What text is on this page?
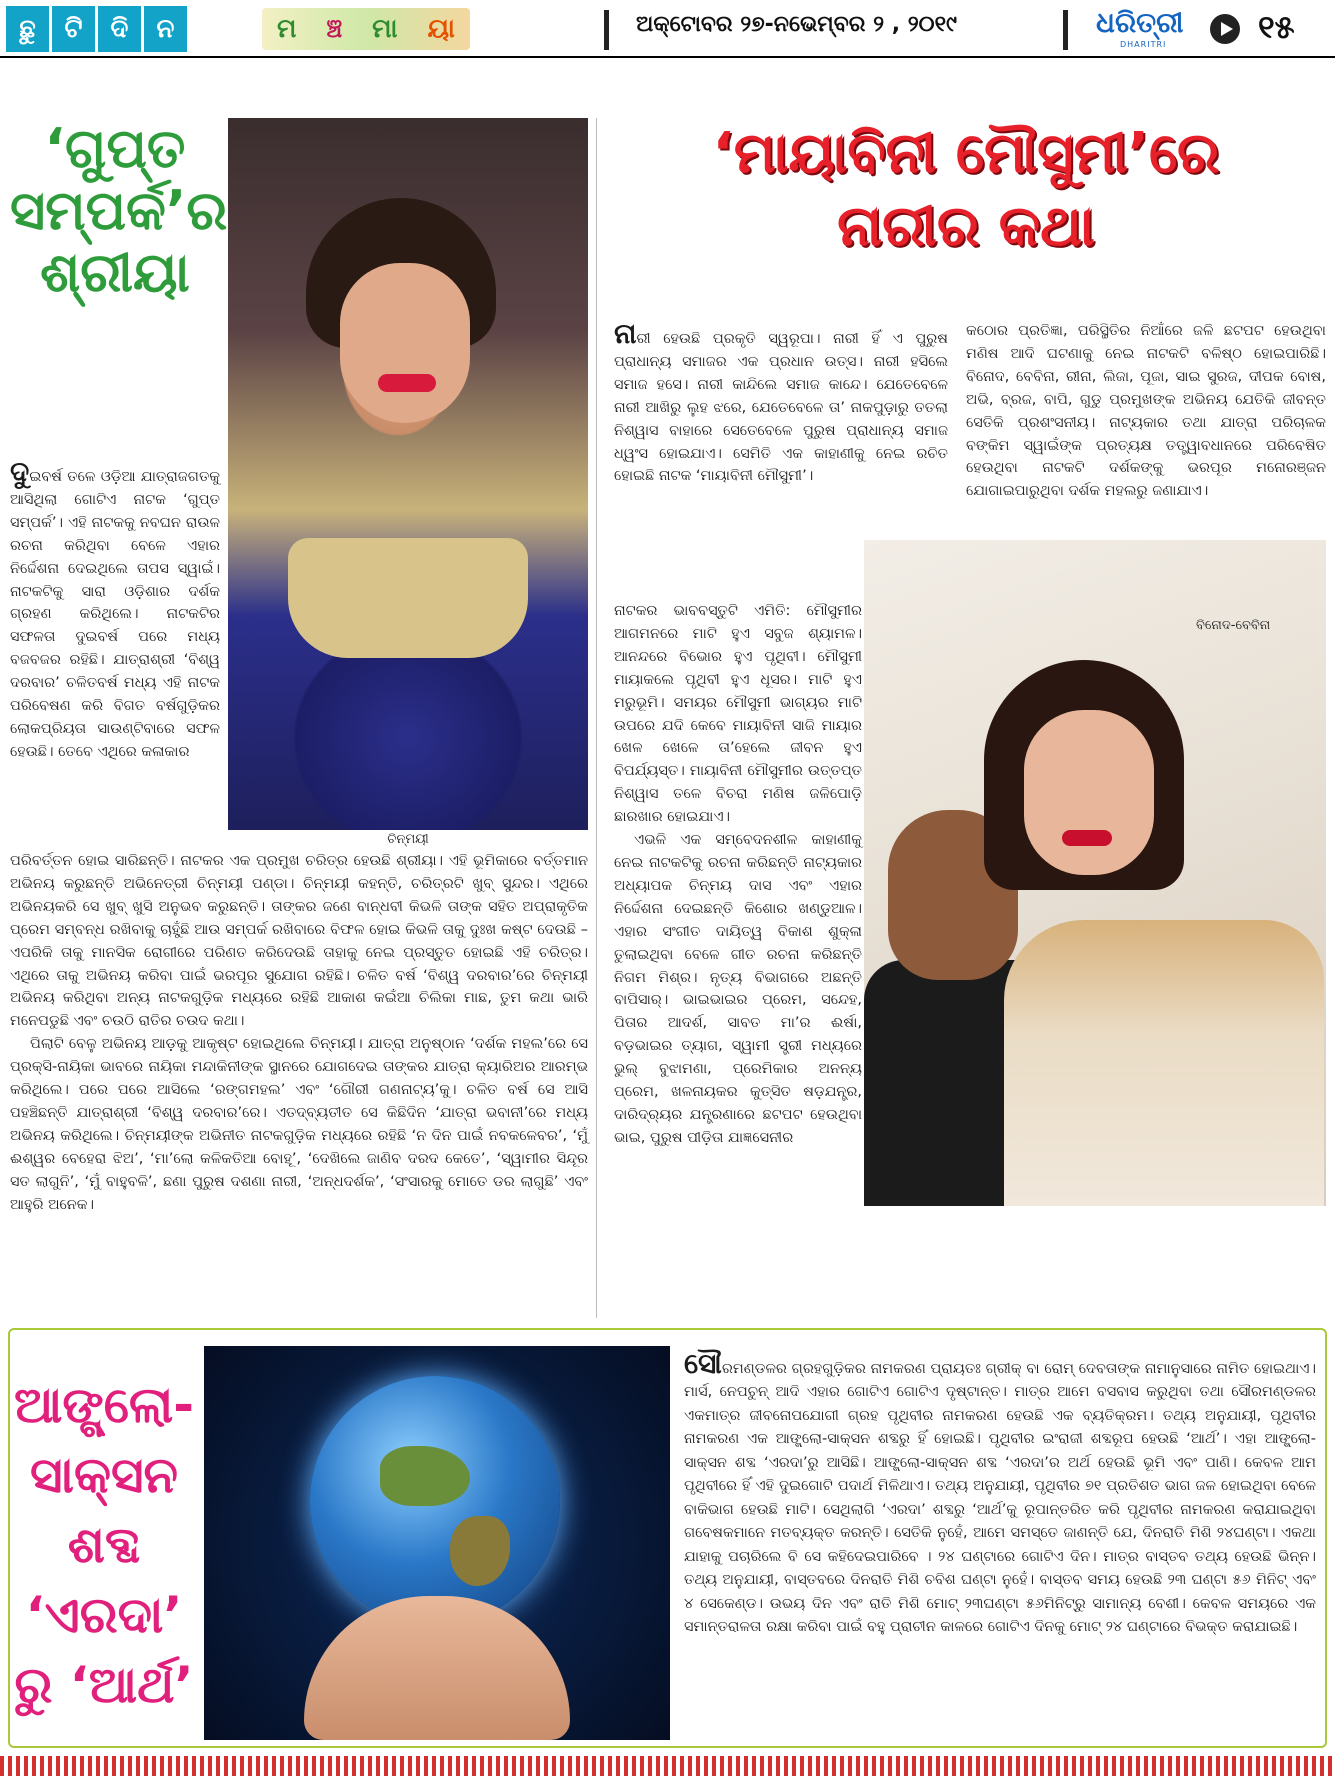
ଛୁ	ଟି	ଦି	ନ	ମ ଞ୍ଚ ମା ୟା	ଅକ୍ଟୋବର ୨୭-ନଭେମ୍ବର ୨ , ୨୦୧୯	ଧରିତ୍ରୀ
DHARITRI	୧୫
‘ଗୁପ୍ତ
ସମ୍ପର୍କ’ର
ଶ୍ରୀୟା
ଚିନ୍ମୟୀ
ଦୁଇବର୍ଷ ତଳେ ଓଡ଼ିଆ ଯାତ୍ରାଜଗତକୁ ଆସିଥିଲା ଗୋଟିଏ ନାଟକ ‘ଗୁପ୍ତ ସମ୍ପର୍କ’। ଏହି ନାଟକକୁ ନବଘନ ରାଉଳ ରଚନା କରିଥିବା ବେଳେ ଏହାର ନିର୍ଦ୍ଦେଶନା ଦେଇଥିଲେ ତାପସ ସ୍ୱାଇଁ। ନାଟକଟିକୁ ସାରା ଓଡ଼ିଶାର ଦର୍ଶକ ଗ୍ରହଣ କରିଥିଲେ। ନାଟକଟିର ସଫଳତା ଦୁଇବର୍ଷ ପରେ ମଧ୍ୟ ବଜବଜର ରହିଛି। ଯାତ୍ରାଶ୍ରୀ ‘ବିଶ୍ୱ ଦରବାର’ ଚଳିତବର୍ଷ ମଧ୍ୟ ଏହି ନାଟକ ପରିବେଷଣ କରି ବିଗତ ବର୍ଷଗୁଡ଼ିକର ଲୋକପ୍ରିୟତା ସାଉଣ୍ଟିବାରେ ସଫଳ ହେଉଛି। ତେବେ ଏଥିରେ କଳାକାର

ପରିବର୍ତ୍ତନ ହୋଇ ସାରିଛନ୍ତି। ନାଟକର ଏକ ପ୍ରମୁଖ ଚରିତ୍ର ହେଉଛି ଶ୍ରୀୟା। ଏହି ଭୂମିକାରେ ବର୍ତ୍ତମାନ ଅଭିନୟ କରୁଛନ୍ତି ଅଭିନେତ୍ରୀ ଚିନ୍ମୟୀ ପଣ୍ଡା। ଚିନ୍ମୟୀ କହନ୍ତି, ଚରିତ୍ରଟି ଖୁବ୍ ସୁନ୍ଦର। ଏଥିରେ ଅଭିନୟକରି ସେ ଖୁବ୍ ଖୁସି ଅନୁଭବ କରୁଛନ୍ତି। ତାଙ୍କର ଜଣେ ବାନ୍ଧବୀ କିଭଳି ତାଙ୍କ ସହିତ ଅପ୍ରାକୃତିକ ପ୍ରେମ ସମ୍ବନ୍ଧ ରଖିବାକୁ ଚାହୁଁଛି ଆଉ ସମ୍ପର୍କ ରଖିବାରେ ବିଫଳ ହୋଇ କିଭଳି ତାକୁ ଦୁଃଖ କଷ୍ଟ ଦେଉଛି – ଏପରିକି ତାକୁ ମାନସିକ ରୋଗୀରେ ପରିଣତ କରିଦେଉଛି ତାହାକୁ ନେଇ ପ୍ରସ୍ତୁତ ହୋଇଛି ଏହି ଚରିତ୍ର। ଏଥିରେ ତାକୁ ଅଭିନୟ କରିବା ପାଇଁ ଭରପୂର ସୁଯୋଗ ରହିଛି। ଚଳିତ ବର୍ଷ ‘ବିଶ୍ୱ ଦରବାର’ରେ ଚିନ୍ମୟୀ ଅଭିନୟ କରିଥିବା ଅନ୍ୟ ନାଟକଗୁଡ଼ିକ ମଧ୍ୟରେ ରହିଛି ଆକାଶ କଇଁଆ ଚିଲିକା ମାଛ, ତୁମ କଥା ଭାରି ମନେପଡୁଛି ଏବଂ ଚଉଠି ରାତିର ଚଉଦ କଥା।

ପିଲାଟି ବେଳୁ ଅଭିନୟ ଆଡ଼କୁ ଆକୃଷ୍ଟ ହୋଇଥିଲେ ଚିନ୍ମୟୀ। ଯାତ୍ରା ଅନୁଷ୍ଠାନ ‘ଦର୍ଶକ ମହଲ’ରେ ସେ ପ୍ରକ୍ସି-ନାୟିକା ଭାବରେ ନାୟିକା ମନ୍ଦାକିନୀଙ୍କ ସ୍ଥାନରେ ଯୋଗଦେଇ ତାଙ୍କର ଯାତ୍ରା କ୍ୟାରିଅର ଆରମ୍ଭ କରିଥିଲେ। ପରେ ପରେ ଆସିଲେ ‘ରଙ୍ଗମହଲ’ ଏବଂ ‘ଗୌରୀ ଗଣନାଟ୍ୟ’କୁ। ଚଳିତ ବର୍ଷ ସେ ଆସି ପହଞ୍ଚିଛନ୍ତି ଯାତ୍ରାଶ୍ରୀ ‘ବିଶ୍ୱ ଦରବାର’ରେ। ଏତଦ୍‌ବ୍ୟତୀତ ସେ କିଛିଦିନ ‘ଯାତ୍ରା ଭବାନୀ’ରେ ମଧ୍ୟ ଅଭିନୟ କରିଥିଲେ। ଚିନ୍ମୟୀଙ୍କ ଅଭିନୀତ ନାଟକଗୁଡ଼ିକ ମଧ୍ୟରେ ରହିଛି ‘ନ ଦିନ ପାଇଁ ନବକଳେବର’, ‘ମୁଁ ଈଶ୍ୱର ବେହେରା ଝିଅ’, ‘ମା’ଲୋ କଳିକତିଆ ବୋହୂ’, ‘ଦେଖିଲେ ଜାଣିବ ଦରଦ କେତେ’, ‘ସ୍ୱାମୀର ସିନ୍ଦୂର ସତ ଲାଗୁନି’, ‘ମୁଁ ବାହୁବଳି’, ଛଣା ପୁରୁଷ ଦଶଣା ନାରୀ, ‘ଅନ୍ଧଦର୍ଶକ’, ‘ସଂସାରକୁ ମୋତେ ଡର ଲାଗୁଛି’ ଏବଂ ଆହୁରି ଅନେକ।

‘ମାୟାବିନୀ ମୌସୁମୀ’ରେ
ନାରୀର କଥା
ନାରୀ ହେଉଛି ପ୍ରକୃତି ସ୍ୱରୂପା। ନାରୀ ହିଁ ଏ ପୁରୁଷ ପ୍ରାଧାନ୍ୟ ସମାଜର ଏକ ପ୍ରଧାନ ଉତ୍ସ। ନାରୀ ହସିଲେ ସମାଜ ହସେ। ନାରୀ କାନ୍ଦିଲେ ସମାଜ କାନ୍ଦେ। ଯେତେବେଳେ ନାରୀ ଆଖିରୁ ଲୁହ ଝରେ, ଯେତେବେଳେ ତା’ ନାକପୁଡ଼ାରୁ ତତଲା ନିଶ୍ୱାସ ବାହାରେ ସେତେବେଳେ ପୁରୁଷ ପ୍ରାଧାନ୍ୟ ସମାଜ ଧ୍ୱଂସ ହୋଇଯାଏ। ସେମିତି ଏକ କାହାଣୀକୁ ନେଇ ରଚିତ ହୋଇଛି ନାଟକ ‘ମାୟାବିନୀ ମୌସୁମୀ’।

ନାଟକର ଭାବବସ୍ତୁଟି ଏମିତି: ମୌସୁମୀର ଆଗମନରେ ମାଟି ହୁଏ ସବୁଜ ଶ୍ୟାମଳ। ଆନନ୍ଦରେ ବିଭୋର ହୁଏ ପୃଥିବୀ। ମୌସୁମୀ ମାୟାକଲେ ପୃଥିବୀ ହୁଏ ଧୂସର। ମାଟି ହୁଏ ମରୁଭୂମି। ସମୟର ମୌସୁମୀ ଭାଗ୍ୟର ମାଟି ଉପରେ ଯଦି କେବେ ମାୟାବିନୀ ସାଜି ମାୟାର ଖେଳ ଖେଳେ ତା’ହେଲେ ଜୀବନ ହୁଏ ବିପର୍ଯ୍ୟସ୍ତ। ମାୟାବିନୀ ମୌସୁମୀର ଉତ୍ତପ୍ତ ନିଶ୍ୱାସ ତଳେ ବିଚରା ମଣିଷ ଜଳିପୋଡ଼ି ଛାରଖାର ହୋଇଯାଏ।

ଏଭଳି ଏକ ସମ୍ବେଦନଶୀଳ କାହାଣୀକୁ ନେଇ ନାଟକଟିକୁ ରଚନା କରିଛନ୍ତି ନାଟ୍ୟକାର ଅଧ୍ୟାପକ ଚିନ୍ମୟ ଦାସ ଏବଂ ଏହାର ନିର୍ଦ୍ଦେଶନା ଦେଇଛନ୍ତି କିଶୋର ଖଣ୍ଡୁଆଳ। ଏହାର ସଂଗୀତ ଦାୟିତ୍ୱ ବିକାଶ ଶୁକ୍ଳା ତୁଲାଇଥିବା ବେଳେ ଗୀତ ରଚନା କରିଛନ୍ତି ନିଗମ ମିଶ୍ର। ନୃତ୍ୟ ବିଭାଗରେ ଅଛନ୍ତି ବାପିସାର୍। ଭାଇଭାଇର ପ୍ରେମ, ସନ୍ଦେହ, ପିତାର ଆଦର୍ଶ, ସାବତ ମା’ର ଈର୍ଷା, ବଡ଼ଭାଇର ତ୍ୟାଗ, ସ୍ୱାମୀ ସ୍ତ୍ରୀ ମଧ୍ୟରେ ଭୁଲ୍ ବୁଝାମଣା, ପ୍ରେମିକାର ଅନନ୍ୟ ପ୍ରେମ, ଖଳନାୟକର କୁତ୍ସିତ ଷଡ଼ଯନ୍ତ୍ର, ଦାରିଦ୍ର୍ୟର ଯନ୍ତ୍ରଣାରେ ଛଟପଟ ହେଉଥିବା ଭାଇ, ପୁରୁଷ ପୀଡ଼ିତା ଯାଜ୍ଞସେନୀର

କଠୋର ପ୍ରତିଜ୍ଞା, ପରିସ୍ଥିତିର ନିଆଁରେ ଜଳି ଛଟପଟ ହେଉଥିବା ମଣିଷ ଆଦି ଘଟଣାକୁ ନେଇ ନାଟକଟି ବଳିଷ୍ଠ ହୋଇପାରିଛି। ବିନୋଦ, ବେବିନା, ରୀନା, ଲିଜା, ପୂଜା, ସାଇ ସୁରଜ, ଦୀପକ ବୋଷ, ଅଭି, ବ୍ରଜ, ବାପି, ଗୁଡୁ ପ୍ରମୁଖଙ୍କ ଅଭିନୟ ଯେତିକି ଜୀବନ୍ତ ସେତିକି ପ୍ରଶଂସନୀୟ। ନାଟ୍ୟକାର ତଥା ଯାତ୍ରା ପରିଚାଳକ ବଙ୍କିମ ସ୍ୱାଇଁଙ୍କ ପ୍ରତ୍ୟକ୍ଷ ତତ୍ତ୍ୱାବଧାନରେ ପରିବେଷିତ ହେଉଥିବା ନାଟକଟି ଦର୍ଶକଙ୍କୁ ଭରପୂର ମନୋରଞ୍ଜନ ଯୋଗାଇପାରୁଥିବା ଦର୍ଶକ ମହଲରୁ ଜଣାଯାଏ।

ବିନୋଦ-ବେବିନା
ଆଙ୍ଗ୍ଲୋ-
ସାକ୍ସନ
ଶବ୍ଦ
‘ଏରଦା’
ରୁ ‘ଆର୍ଥ’
ସୌରମଣ୍ଡଳର ଗ୍ରହଗୁଡ଼ିକର ନାମକରଣ ପ୍ରାୟତଃ ଗ୍ରୀକ୍ ବା ରୋମ୍ ଦେବତାଙ୍କ ନାମାନୁସାରେ ନାମିତ ହୋଇଥାଏ। ମାର୍ସ, ନେପଚୁନ୍ ଆଦି ଏହାର ଗୋଟିଏ ଗୋଟିଏ ଦୃଷ୍ଟାନ୍ତ। ମାତ୍ର ଆମେ ବସବାସ କରୁଥିବା ତଥା ସୌରମଣ୍ଡଳର ଏକମାତ୍ର ଜୀବନୋପଯୋଗୀ ଗ୍ରହ ପୃଥିବୀର ନାମକରଣ ହେଉଛି ଏକ ବ୍ୟତିକ୍ରମ। ତଥ୍ୟ ଅନୁଯାୟୀ, ପୃଥିବୀର ନାମକରଣ ଏକ ଆଙ୍ଗ୍ଲୋ-ସାକ୍ସନ ଶବ୍ଦରୁ ହିଁ ହୋଇଛି। ପୃଥିବୀର ଇଂରାଜୀ ଶବ୍ଦରୂପ ହେଉଛି ‘ଆର୍ଥ’। ଏହା ଆଙ୍ଗ୍ଲୋ-ସାକ୍ସନ ଶବ୍ଦ ‘ଏରଦା’ରୁ ଆସିଛି। ଆଙ୍ଗ୍ଲୋ-ସାକ୍ସନ ଶବ୍ଦ ‘ଏରଦା’ର ଅର୍ଥ ହେଉଛି ଭୂମି ଏବଂ ପାଣି। କେବଳ ଆମ ପୃଥିବୀରେ ହିଁ ଏହି ଦୁଇଗୋଟି ପଦାର୍ଥ ମିଳିଥାଏ। ତଥ୍ୟ ଅନୁଯାୟୀ, ପୃଥିବୀର ୭୧ ପ୍ରତିଶତ ଭାଗ ଜଳ ହୋଇଥିବା ବେଳେ ବାକିଭାଗ ହେଉଛି ମାଟି। ସେଥିଲାଗି ‘ଏରଦା’ ଶବ୍ଦରୁ ‘ଆର୍ଥ’କୁ ରୂପାନ୍ତରିତ କରି ପୃଥିବୀର ନାମକରଣ କରାଯାଇଥିବା ଗବେଷକମାନେ ମତବ୍ୟକ୍ତ କରନ୍ତି। ସେତିକି ନୁହେଁ, ଆମେ ସମସ୍ତେ ଜାଣନ୍ତି ଯେ, ଦିନରାତି ମିଶି ୨୪ଘଣ୍ଟା। ଏକଥା ଯାହାକୁ ପଚାରିଲେ ବି ସେ କହିଦେଇପାରିବେ । ୨୪ ଘଣ୍ଟାରେ ଗୋଟିଏ ଦିନ। ମାତ୍ର ବାସ୍ତବ ତଥ୍ୟ ହେଉଛି ଭିନ୍ନ। ତଥ୍ୟ ଅନୁଯାୟୀ, ବାସ୍ତବରେ ଦିନରାତି ମିଶି ଚବିଶ ଘଣ୍ଟା ନୁହେଁ। ବାସ୍ତବ ସମୟ ହେଉଛି ୨୩ ଘଣ୍ଟା ୫୬ ମିନିଟ୍ ଏବଂ ୪ ସେକେଣ୍ଡ। ଉଭୟ ଦିନ ଏବଂ ରାତି ମିଶି ମୋଟ୍ ୨୩ଘଣ୍ଟା ୫୬ମିନିଟ୍‌ରୁ ସାମାନ୍ୟ ବେଶୀ। କେବଳ ସମୟରେ ଏକ ସମାନ୍ତରାଳତା ରକ୍ଷା କରିବା ପାଇଁ ବହୁ ପ୍ରାଚୀନ କାଳରେ ଗୋଟିଏ ଦିନକୁ ମୋଟ୍ ୨୪ ଘଣ୍ଟାରେ ବିଭକ୍ତ କରାଯାଇଛି।
